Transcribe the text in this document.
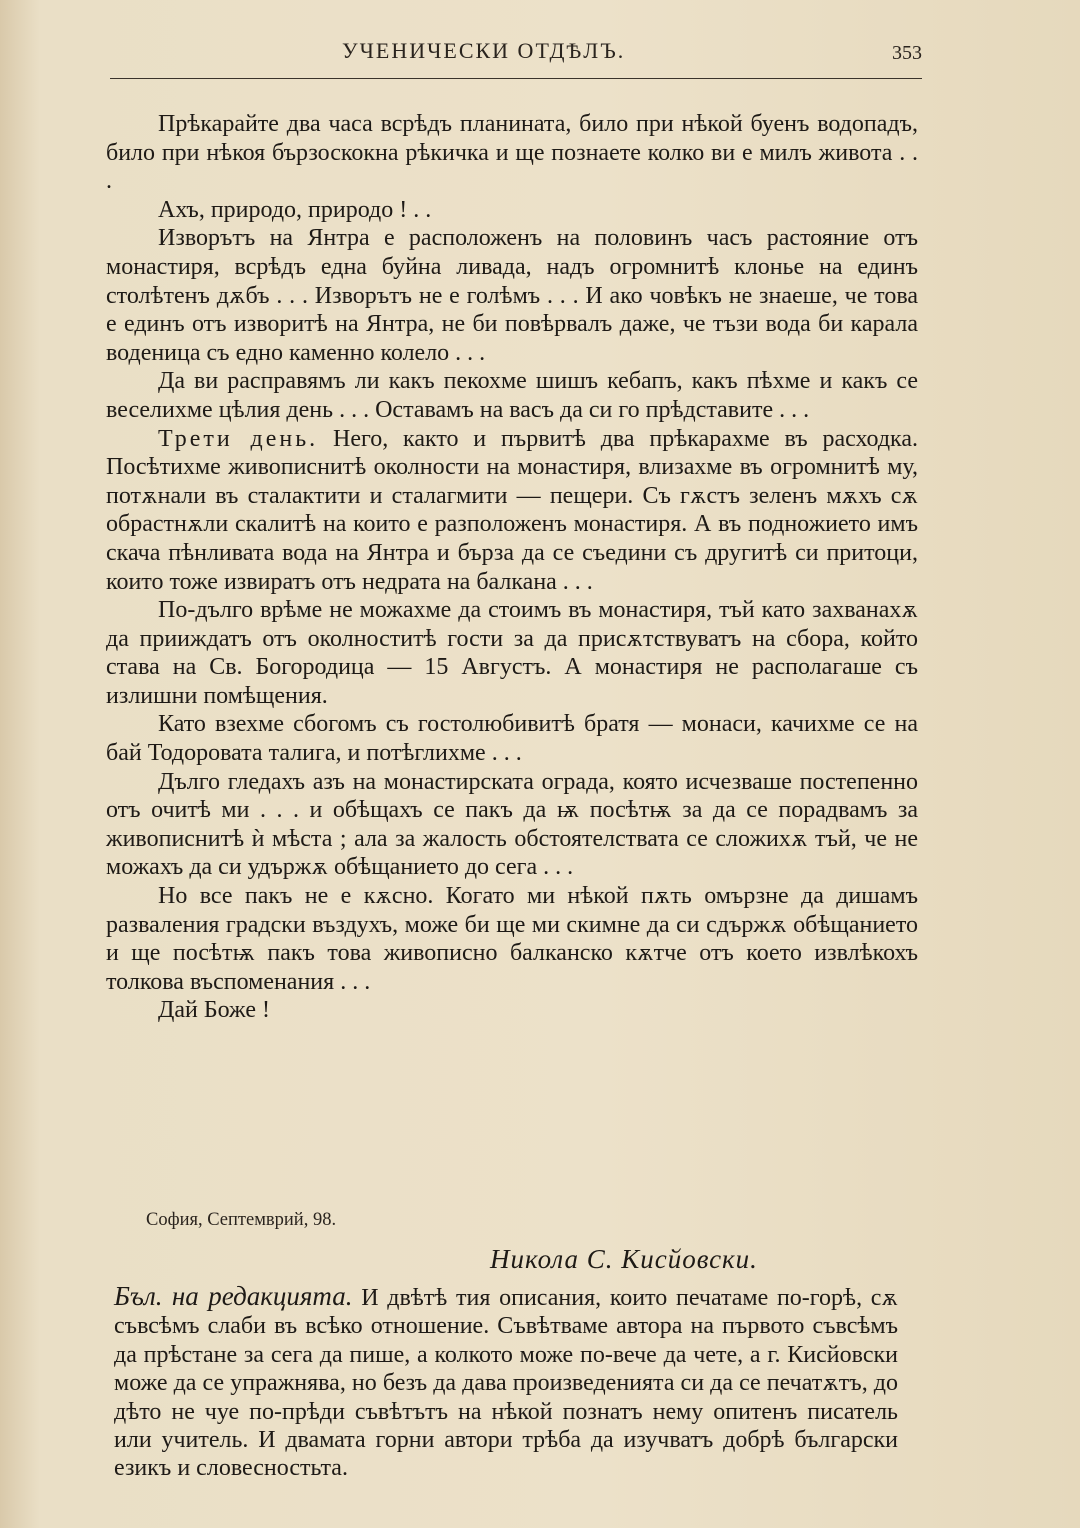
УЧЕНИЧЕСКИ ОТДѢЛЪ.	353

Прѣкарайте два часа всрѣдъ планината, било при нѣкой буенъ водопадъ, било при нѣкоя бързоскокна рѣкичка и ще познаете колко ви е милъ живота . . .

Ахъ, природо, природо ! . .

Изворътъ на Янтра е расположенъ на половинъ часъ растояние отъ монастиря, всрѣдъ една буйна ливада, надъ огромнитѣ клонье на единъ столѣтенъ дѫбъ . . . Изворътъ не е голѣмъ . . . И ако човѣкъ не знаеше, че това е единъ отъ изворитѣ на Янтра, не би повѣрвалъ даже, че тъзи вода би карала воденица съ едно каменно колело . . .

Да ви расправямъ ли какъ пекохме шишъ кебапъ, какъ пѣхме и какъ се веселихме цѣлия день . . . Оставамъ на васъ да си го прѣдставите . . .

Трети день. Него, както и първитѣ два прѣкарахме въ расходка. Посѣтихме живописнитѣ околности на монастиря, влизахме въ огромнитѣ му, потѫнали въ сталактити и сталагмити — пещери. Съ гѫстъ зеленъ мѫхъ сѫ обрастнѫли скалитѣ на които е разположенъ монастиря. А въ подножието имъ скача пѣнливата вода на Янтра и бърза да се съедини съ другитѣ си притоци, които тоже извиратъ отъ недрата на балкана . . .

По-дълго врѣме не можахме да стоимъ въ монастиря, тъй като захванахѫ да прииждатъ отъ околноститѣ гости за да присѫтствуватъ на сбора, който става на Св. Богородица — 15 Августъ. А монастиря не располагаше съ излишни помѣщения.

Като взехме сбогомъ съ гостолюбивитѣ братя — монаси, качихме се на бай Тодоровата талига, и потѣглихме . . .

Дълго гледахъ азъ на монастирската ограда, която исчезваше постепенно отъ очитѣ ми . . . и обѣщахъ се пакъ да ѭ посѣтѭ за да се порадвамъ за живописнитѣ ѝ мѣста ; ала за жалость обстоятелствата се сложихѫ тъй, че не можахъ да си удържѫ обѣщанието до сега . . .

Но все пакъ не е кѫсно. Когато ми нѣкой пѫть омързне да дишамъ разваления градски въздухъ, може би ще ми скимне да си сдържѫ обѣщанието и ще посѣтѭ пакъ това живописно балканско кѫтче отъ което извлѣкохъ толкова въспоменания . . .

Дай Боже !

София, Септемврий, 98.
Никола С. Кисйовски.

Бъл. на редакцията. И двѣтѣ тия описания, които печатаме по-горѣ, сѫ съвсѣмъ слаби въ всѣко отношение. Съвѣтваме автора на първото съвсѣмъ да прѣстане за сега да пише, а колкото може по-вече да чете, а г. Кисйовски може да се упражнява, но безъ да дава произведенията си да се печатѫтъ, до дѣто не чуе по-прѣди съвѣтътъ на нѣкой познатъ нему опитенъ писатель или учитель. И двамата горни автори трѣба да изучватъ добрѣ български езикъ и словесностьта.
